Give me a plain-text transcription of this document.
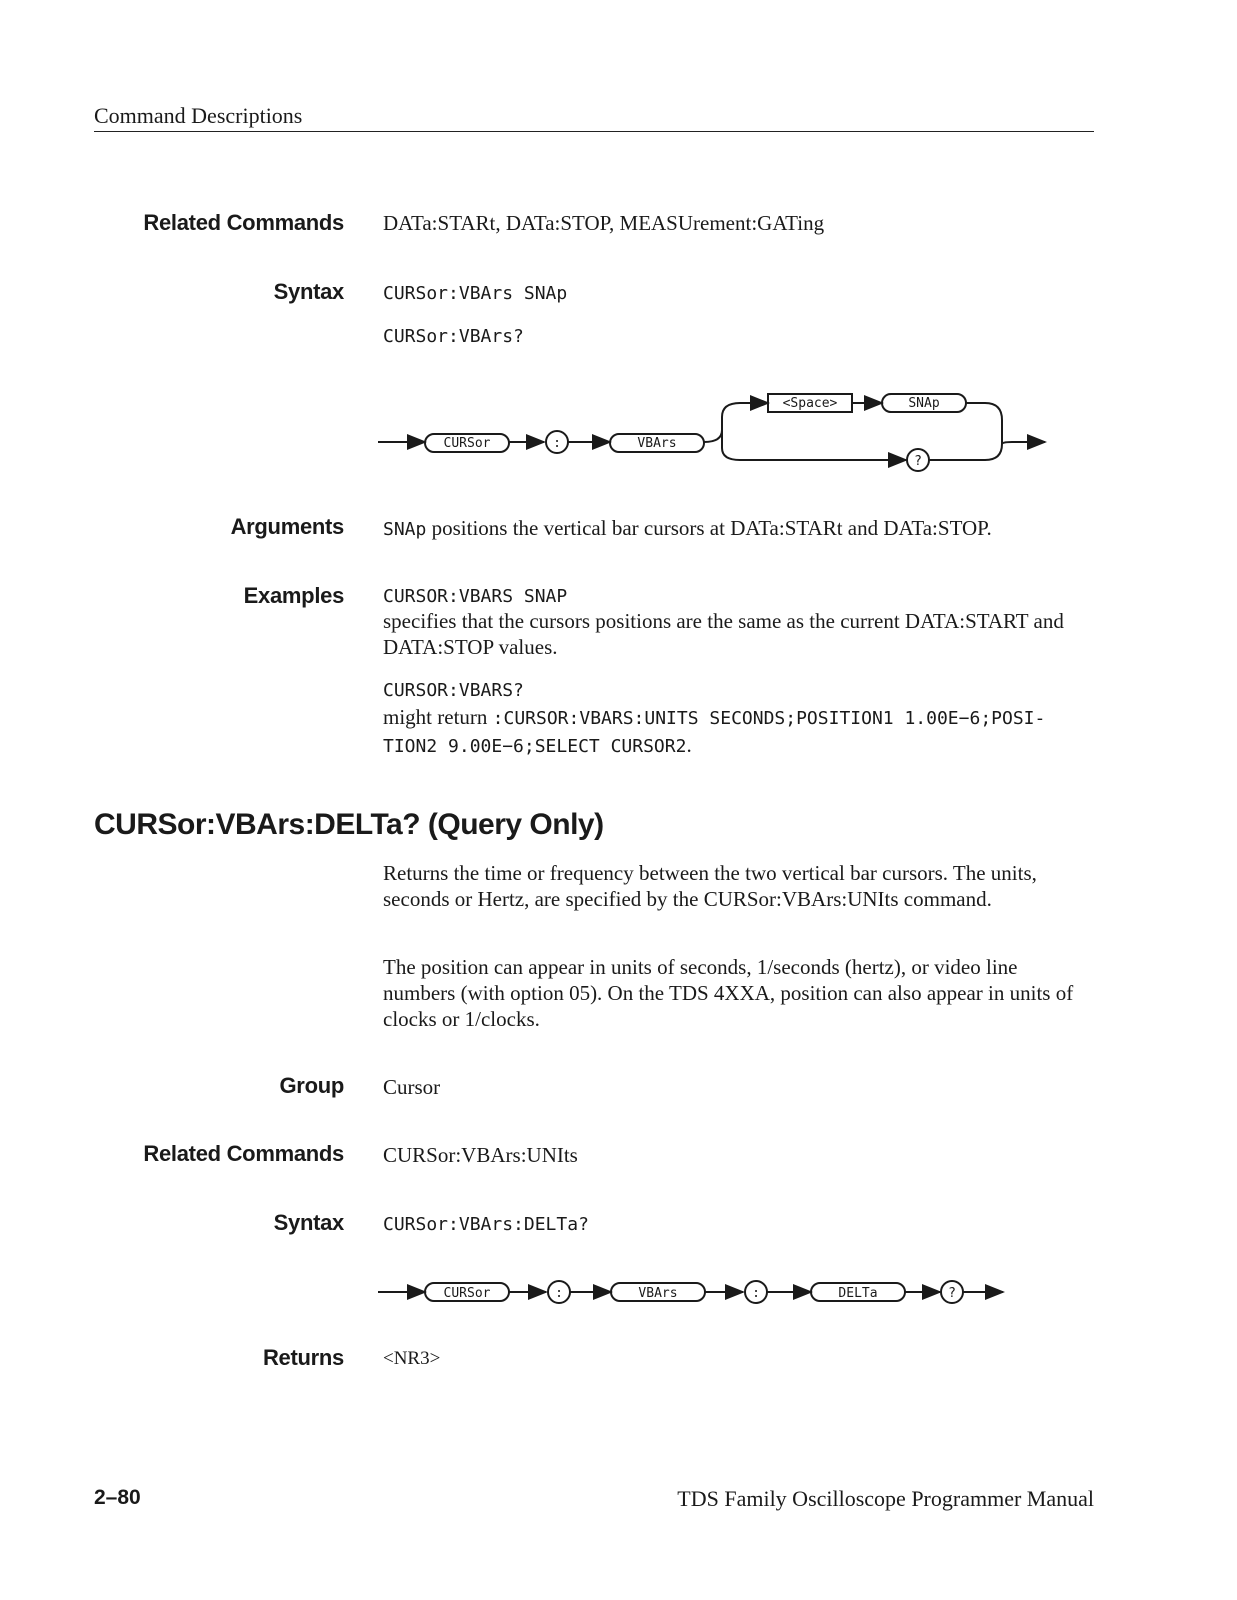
Command Descriptions
Related Commands DATa:STARt, DATa:STOP, MEASUrement:GATing
Syntax CURSor:VBArs SNAp
CURSor:VBArs?
CURSor	:	VBArs
<Space>	SNAp
?
Arguments SNAp positions the vertical bar cursors at DATa:STARt and DATa:STOP.
Examples CURSOR:VBARS SNAP
specifies that the cursors positions are the same as the current DATA:START and DATA:STOP values.
CURSOR:VBARS?
might return :CURSOR:VBARS:UNITS SECONDS;POSITION1 1.00E−6;POSI-
TION2 9.00E−6;SELECT CURSOR2.
CURSor:VBArs:DELTa? (Query Only)
Returns the time or frequency between the two vertical bar cursors. The units, seconds or Hertz, are specified by the CURSor:VBArs:UNIts command.
The position can appear in units of seconds, 1/seconds (hertz), or video line numbers (with option 05). On the TDS 4XXA, position can also appear in units of clocks or 1/clocks.
Group Cursor
Related Commands CURSor:VBArs:UNIts
Syntax CURSor:VBArs:DELTa?
CURSor	:	VBArs	:	DELTa	?
Returns <NR3>
2–80	TDS Family Oscilloscope Programmer Manual
